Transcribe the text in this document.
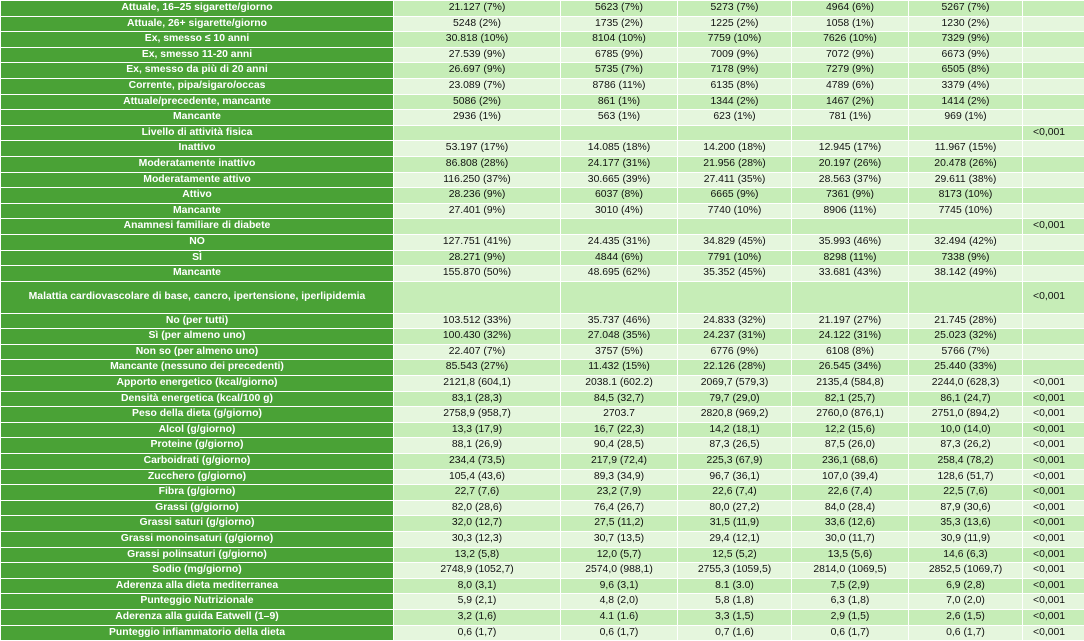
Attuale, 16–25 sigarette/giorno	21.127 (7%)	5623 (7%)	5273 (7%)	4964 (6%)	5267 (7%)	
Attuale, 26+ sigarette/giorno	5248 (2%)	1735 (2%)	1225 (2%)	1058 (1%)	1230 (2%)	
Ex, smesso ≤ 10 anni	30.818 (10%)	8104 (10%)	7759 (10%)	7626 (10%)	7329 (9%)	
Ex, smesso 11-20 anni	27.539 (9%)	6785 (9%)	7009 (9%)	7072 (9%)	6673 (9%)	
Ex, smesso da più di 20 anni	26.697 (9%)	5735 (7%)	7178 (9%)	7279 (9%)	6505 (8%)	
Corrente, pipa/sigaro/occas	23.089 (7%)	8786 (11%)	6135 (8%)	4789 (6%)	3379 (4%)	
Attuale/precedente, mancante	5086 (2%)	861 (1%)	1344 (2%)	1467 (2%)	1414 (2%)	
Mancante	2936 (1%)	563 (1%)	623 (1%)	781 (1%)	969 (1%)	
Livello di attività fisica						<0,001
Inattivo	53.197 (17%)	14.085 (18%)	14.200 (18%)	12.945 (17%)	11.967 (15%)	
Moderatamente inattivo	86.808 (28%)	24.177 (31%)	21.956 (28%)	20.197 (26%)	20.478 (26%)	
Moderatamente attivo	116.250 (37%)	30.665 (39%)	27.411 (35%)	28.563 (37%)	29.611 (38%)	
Attivo	28.236 (9%)	6037 (8%)	6665 (9%)	7361 (9%)	8173 (10%)	
Mancante	27.401 (9%)	3010 (4%)	7740 (10%)	8906 (11%)	7745 (10%)	
Anamnesi familiare di diabete						<0,001
NO	127.751 (41%)	24.435 (31%)	34.829 (45%)	35.993 (46%)	32.494 (42%)	
SÌ	28.271 (9%)	4844 (6%)	7791 (10%)	8298 (11%)	7338 (9%)	
Mancante	155.870 (50%)	48.695 (62%)	35.352 (45%)	33.681 (43%)	38.142 (49%)	
Malattia cardiovascolare di base, cancro, ipertensione, iperlipidemia						<0,001
No (per tutti)	103.512 (33%)	35.737 (46%)	24.833 (32%)	21.197 (27%)	21.745 (28%)	
Sì (per almeno uno)	100.430 (32%)	27.048 (35%)	24.237 (31%)	24.122 (31%)	25.023 (32%)	
Non so (per almeno uno)	22.407 (7%)	3757 (5%)	6776 (9%)	6108 (8%)	5766 (7%)	
Mancante (nessuno dei precedenti)	85.543 (27%)	11.432 (15%)	22.126 (28%)	26.545 (34%)	25.440 (33%)	
Apporto energetico (kcal/giorno)	2121,8 (604,1)	2038.1 (602.2)	2069,7 (579,3)	2135,4 (584,8)	2244,0 (628,3)	<0,001
Densità energetica (kcal/100 g)	83,1 (28,3)	84,5 (32,7)	79,7 (29,0)	82,1 (25,7)	86,1 (24,7)	<0,001
Peso della dieta (g/giorno)	2758,9 (958,7)	2703.7	2820,8 (969,2)	2760,0 (876,1)	2751,0 (894,2)	<0,001
Alcol (g/giorno)	13,3 (17,9)	16,7 (22,3)	14,2 (18,1)	12,2 (15,6)	10,0 (14,0)	<0,001
Proteine (g/giorno)	88,1 (26,9)	90,4 (28,5)	87,3 (26,5)	87,5 (26,0)	87,3 (26,2)	<0,001
Carboidrati (g/giorno)	234,4 (73,5)	217,9 (72,4)	225,3 (67,9)	236,1 (68,6)	258,4 (78,2)	<0,001
Zucchero (g/giorno)	105,4 (43,6)	89,3 (34,9)	96,7 (36,1)	107,0 (39,4)	128,6 (51,7)	<0,001
Fibra (g/giorno)	22,7 (7,6)	23,2 (7,9)	22,6 (7,4)	22,6 (7,4)	22,5 (7,6)	<0,001
Grassi (g/giorno)	82,0 (28,6)	76,4 (26,7)	80,0 (27,2)	84,0 (28,4)	87,9 (30,6)	<0,001
Grassi saturi (g/giorno)	32,0 (12,7)	27,5 (11,2)	31,5 (11,9)	33,6 (12,6)	35,3 (13,6)	<0,001
Grassi monoinsaturi (g/giorno)	30,3 (12,3)	30,7 (13,5)	29,4 (12,1)	30,0 (11,7)	30,9 (11,9)	<0,001
Grassi polinsaturi (g/giorno)	13,2 (5,8)	12,0 (5,7)	12,5 (5,2)	13,5 (5,6)	14,6 (6,3)	<0,001
Sodio (mg/giorno)	2748,9 (1052,7)	2574,0 (988,1)	2755,3 (1059,5)	2814,0 (1069,5)	2852,5 (1069,7)	<0,001
Aderenza alla dieta mediterranea	8,0 (3,1)	9,6 (3,1)	8.1 (3.0)	7,5 (2,9)	6,9 (2,8)	<0,001
Punteggio Nutrizionale	5,9 (2,1)	4,8 (2,0)	5,8 (1,8)	6,3 (1,8)	7,0 (2,0)	<0,001
Aderenza alla guida Eatwell (1–9)	3,2 (1,6)	4.1 (1.6)	3,3 (1,5)	2,9 (1,5)	2,6 (1,5)	<0,001
Punteggio infiammatorio della dieta	0,6 (1,7)	0,6 (1,7)	0,7 (1,6)	0,6 (1,7)	0,6 (1,7)	<0,001
